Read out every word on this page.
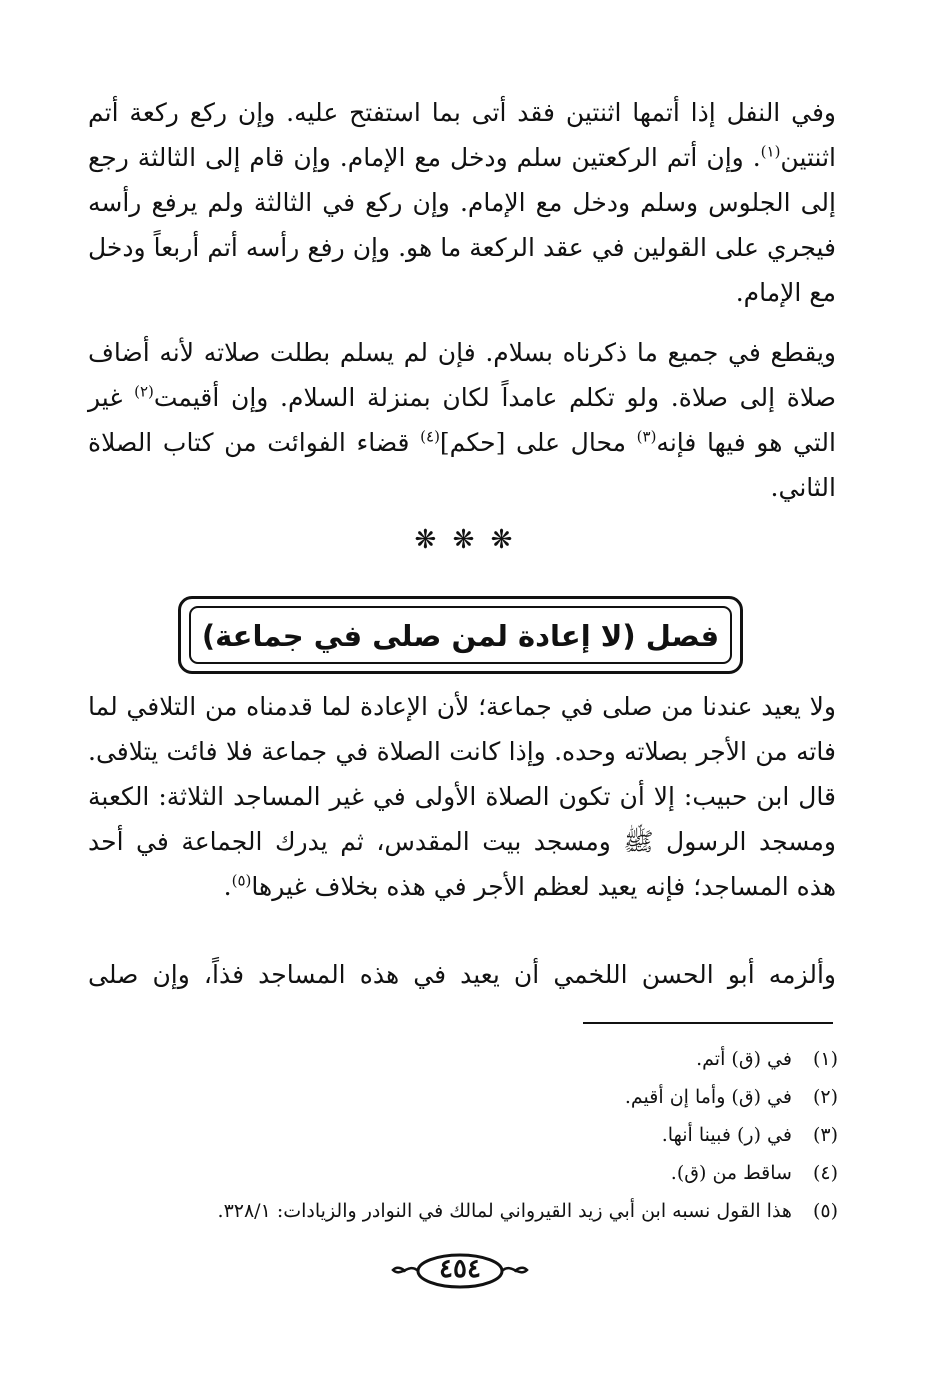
وفي النفل إذا أتمها اثنتين فقد أتى بما استفتح عليه. وإن ركع ركعة أتم اثنتين$^{(١)}$. وإن أتم الركعتين سلم ودخل مع الإمام. وإن قام إلى الثالثة رجع إلى الجلوس وسلم ودخل مع الإمام. وإن ركع في الثالثة ولم يرفع رأسه فيجري على القولين في عقد الركعة ما هو. وإن رفع رأسه أتم أربعاً ودخل مع الإمام.

ويقطع في جميع ما ذكرناه بسلام. فإن لم يسلم بطلت صلاته لأنه أضاف صلاة إلى صلاة. ولو تكلم عامداً لكان بمنزلة السلام. وإن أقيمت$^{(٢)}$ غير التي هو فيها فإنه$^{(٣)}$ محال على [حكم]$^{(٤)}$ قضاء الفوائت من كتاب الصلاة الثاني.

❋ ❋ ❋
فصل (لا إعادة لمن صلى في جماعة)

ولا يعيد عندنا من صلى في جماعة؛ لأن الإعادة لما قدمناه من التلافي لما فاته من الأجر بصلاته وحده. وإذا كانت الصلاة في جماعة فلا فائت يتلافى. قال ابن حبيب: إلا أن تكون الصلاة الأولى في غير المساجد الثلاثة: الكعبة ومسجد الرسول ﷺ ومسجد بيت المقدس، ثم يدرك الجماعة في أحد هذه المساجد؛ فإنه يعيد لعظم الأجر في هذه بخلاف غيرها$^{(٥)}$.

وألزمه أبو الحسن اللخمي أن يعيد في هذه المساجد فذاً، وإن صلى

(١) في (ق) أتم.
(٢) في (ق) وأما إن أقيم.
(٣) في (ر) فبينا أنها.
(٤) ساقط من (ق).
(٥) هذا القول نسبه ابن أبي زيد القيرواني لمالك في النوادر والزيادات: ٣٢٨/١.
٤٥٤
